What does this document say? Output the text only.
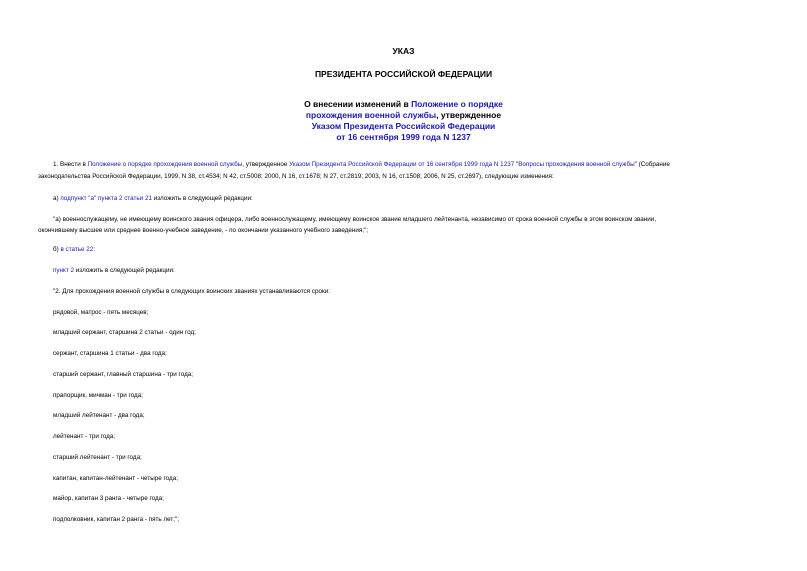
УКАЗ
ПРЕЗИДЕНТА РОССИЙСКОЙ ФЕДЕРАЦИИ
О внесении изменений в Положение о порядке
прохождения военной службы, утвержденное
Указом Президента Российской Федерации
от 16 сентября 1999 года N 1237
1. Внести в Положение о порядке прохождения военной службы, утвержденное Указом Президента Российской Федерации от 16 сентября 1999 года N 1237 "Вопросы прохождения военной службы" (Собрание
законодательства Российской Федерации, 1999, N 38, ст.4534; N 42, ст.5008; 2000, N 16, ст.1678; N 27, ст.2819; 2003, N 16, ст.1508; 2006, N 25, ст.2697), следующие изменения:
а) подпункт "а" пункта 2 статьи 21 изложить в следующей редакции:
"а) военнослужащему, не имеющему воинского звания офицера, либо военнослужащему, имеющему воинское звание младшего лейтенанта, независимо от срока военной службы в этом воинском звании,
окончившему высшее или среднее военно-учебное заведение, - по окончании указанного учебного заведения;";
б) в статье 22:
пункт 2 изложить в следующей редакции:
"2. Для прохождения военной службы в следующих воинских званиях устанавливаются сроки:
рядовой, матрос - пять месяцев;
младший сержант, старшина 2 статьи - один год;
сержант, старшина 1 статьи - два года;
старший сержант, главный старшина - три года;
прапорщик, мичман - три года;
младший лейтенант - два года;
лейтенант - три года;
старший лейтенант - три года;
капитан, капитан-лейтенант - четыре года;
майор, капитан 3 ранга - четыре года;
подполковник, капитан 2 ранга - пять лет;";
